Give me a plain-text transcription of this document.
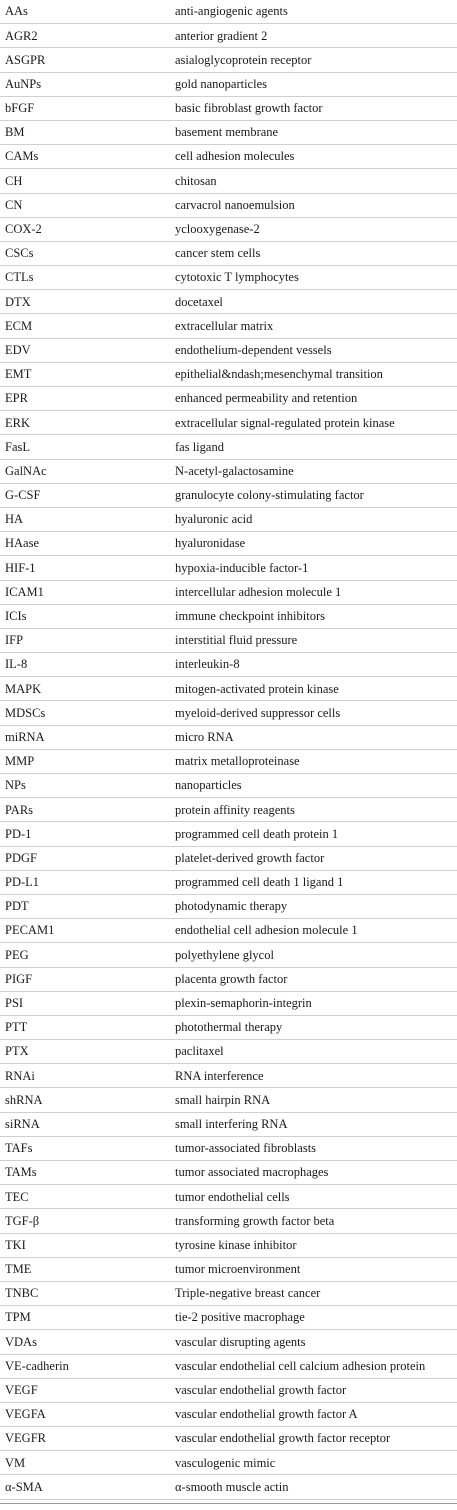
AAs	anti-angiogenic agents
AGR2	anterior gradient 2
ASGPR	asialoglycoprotein receptor
AuNPs	gold nanoparticles
bFGF	basic fibroblast growth factor
BM	basement membrane
CAMs	cell adhesion molecules
CH	chitosan
CN	carvacrol nanoemulsion
COX-2	yclooxygenase-2
CSCs	cancer stem cells
CTLs	cytotoxic T lymphocytes
DTX	docetaxel
ECM	extracellular matrix
EDV	endothelium-dependent vessels
EMT	epithelial&ndash;mesenchymal transition
EPR	enhanced permeability and retention
ERK	extracellular signal-regulated protein kinase
FasL	fas ligand
GalNAc	N-acetyl-galactosamine
G-CSF	granulocyte colony-stimulating factor
HA	hyaluronic acid
HAase	hyaluronidase
HIF-1	hypoxia-inducible factor-1
ICAM1	intercellular adhesion molecule 1
ICIs	immune checkpoint inhibitors
IFP	interstitial fluid pressure
IL-8	interleukin-8
MAPK	mitogen-activated protein kinase
MDSCs	myeloid-derived suppressor cells
miRNA	micro RNA
MMP	matrix metalloproteinase
NPs	nanoparticles
PARs	protein affinity reagents
PD-1	programmed cell death protein 1
PDGF	platelet-derived growth factor
PD-L1	programmed cell death 1 ligand 1
PDT	photodynamic therapy
PECAM1	endothelial cell adhesion molecule 1
PEG	polyethylene glycol
PIGF	placenta growth factor
PSI	plexin-semaphorin-integrin
PTT	photothermal therapy
PTX	paclitaxel
RNAi	RNA interference
shRNA	small hairpin RNA
siRNA	small interfering RNA
TAFs	tumor-associated fibroblasts
TAMs	tumor associated macrophages
TEC	tumor endothelial cells
TGF-β	transforming growth factor beta
TKI	tyrosine kinase inhibitor
TME	tumor microenvironment
TNBC	Triple-negative breast cancer
TPM	tie-2 positive macrophage
VDAs	vascular disrupting agents
VE-cadherin	vascular endothelial cell calcium adhesion protein
VEGF	vascular endothelial growth factor
VEGFA	vascular endothelial growth factor A
VEGFR	vascular endothelial growth factor receptor
VM	vasculogenic mimic
α-SMA	α-smooth muscle actin
